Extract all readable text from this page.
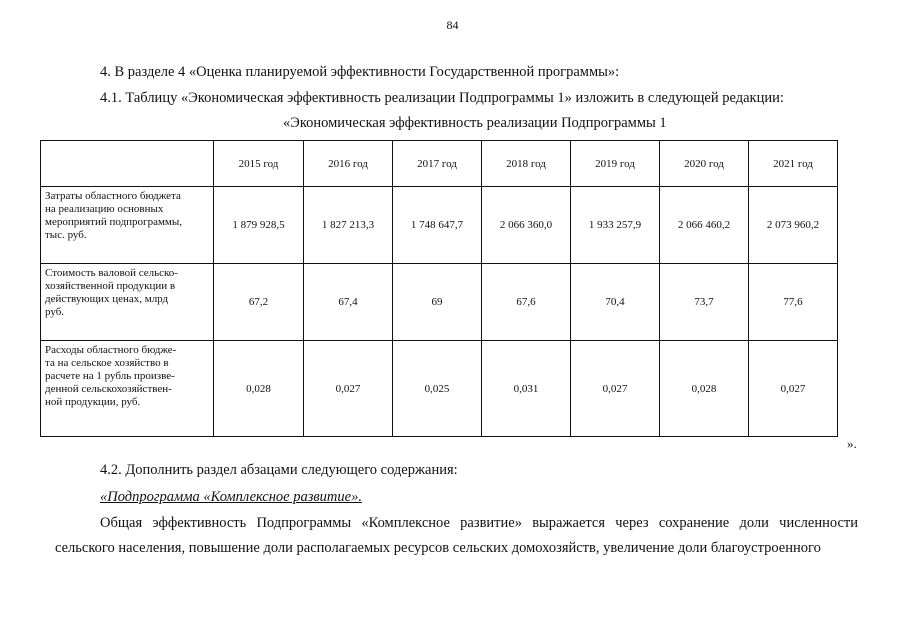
84
4. В разделе 4 «Оценка планируемой эффективности Государственной программы»:
4.1. Таблицу «Экономическая эффективность реализации Подпрограммы 1» изложить в следующей редакции:
«Экономическая эффективность реализации Подпрограммы 1
	2015 год	2016 год	2017 год	2018 год	2019 год	2020 год	2021 год

Затраты областного бюджета
на реализацию основных
мероприятий подпрограммы,
тыс. руб.	1 879 928,5	1 827 213,3	1 748 647,7	2 066 360,0	1 933 257,9	2 066 460,2	2 073 960,2

Стоимость валовой сельско-
хозяйственной продукции в
действующих ценах, млрд
руб.	67,2	67,4	69	67,6	70,4	73,7	77,6

Расходы областного бюдже-
та на сельское хозяйство в
расчете на 1 рубль произве-
денной сельскохозяйствен-
ной продукции, руб.	0,028	0,027	0,025	0,031	0,027	0,028	0,027
».
4.2. Дополнить раздел абзацами следующего содержания:
«Подпрограмма «Комплексное развитие».
Общая эффективность Подпрограммы «Комплексное развитие» выражается через сохранение доли численности
сельского населения, повышение доли располагаемых ресурсов сельских домохозяйств, увеличение доли благоустроенного
